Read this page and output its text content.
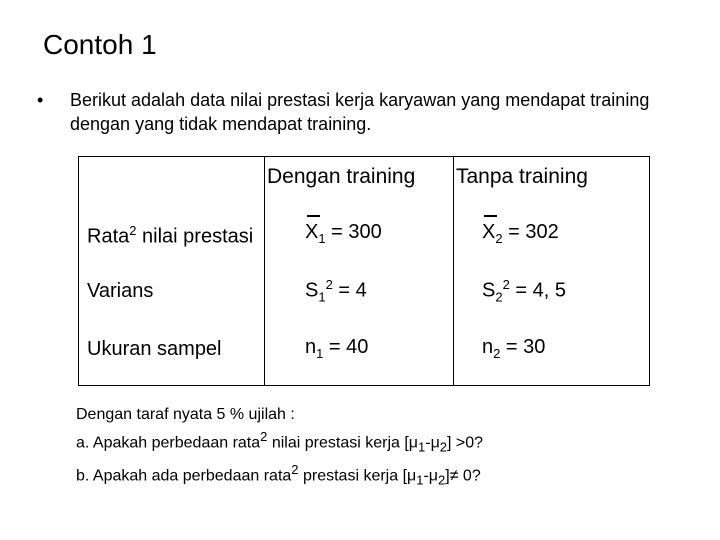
Contoh 1
• Berikut adalah data nilai prestasi kerja karyawan yang mendapat training dengan yang tidak mendapat training.
	Dengan training	Tanpa training
Rata$^2$ nilai prestasi	$X_1 = 300$	$X_2 = 302$
Varians	$S_1^2 = 4$	$S_2^2 = 4$, 5
Ukuran sampel	$n_1 = 40$	$n_2 = 30$
Dengan taraf nyata 5 % ujilah :
a. Apakah perbedaan rata$^2$ nilai prestasi kerja $[\mu_1-\mu_2] >0$?
b. Apakah ada perbedaan rata$^2$ prestasi kerja $[\mu_1-\mu_2]\ne 0$?
